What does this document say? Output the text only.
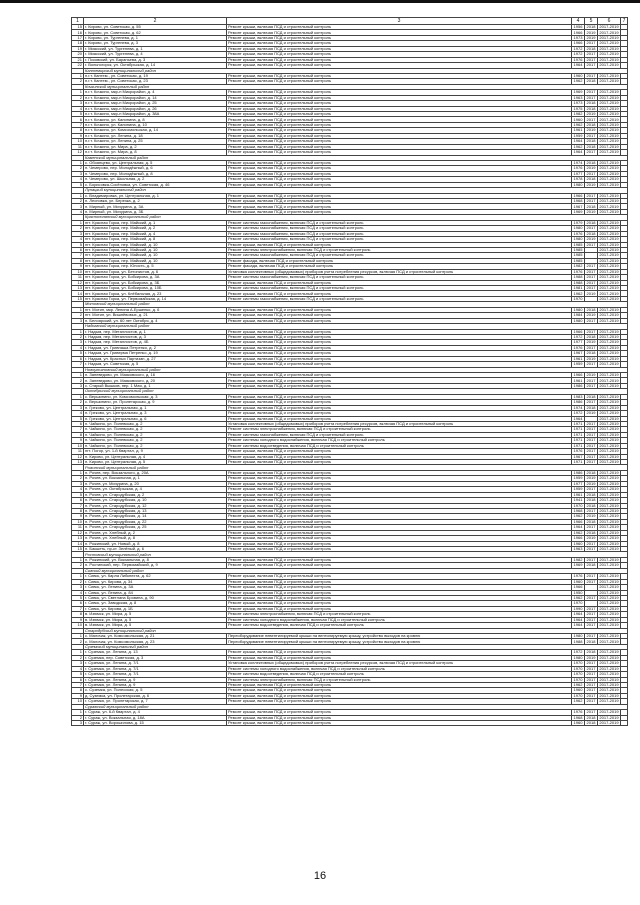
1	2	3	4	5	6	7
15	г. Кирово, ул. Советская, д. 55	Ремонт крыши, включая ПСД и строительный контроль	1956	2018	2017-2019	
16	г. Кирово, ул. Советская, д. 62	Ремонт крыши, включая ПСД и строительный контроль	1966	2019	2017-2019	
17	г. Кирово, ул. Тургенева, д. 1	Ремонт крыши, включая ПСД и строительный контроль	1973	2019	2017-2019	
18	г. Кирово, ул. Тургенева, д. 3	Ремонт крыши, включая ПСД и строительный контроль	1966	2017	2017-2019	
19	г. Миасский, ул. Тургенева, д. 1	Ремонт крыши, включая ПСД и строительный контроль	1972	2018	2017-2019	
20	г. Миасский, ул. Тургенева, д. 4	Ремонт крыши, включая ПСД и строительный контроль	1972	2017	2017-2019	
21	г. Псковский, ул. Бараньева, д. 3	Ремонт крыши, включая ПСД и строительный контроль	1976	2017	2017-2019	
22	г. Вольногорск, ул. Октябрьская, д. 14	Ремонт крыши, включая ПСД и строительный контроль	1964	2017	2017-2019	
	Кантемирский муниципальный район					
1	п.г.т. Кантем., ул. Советская, д. 19	Ремонт крыши, включая ПСД и строительный контроль	1960	2017	2017-2019	
2	п.г.т. Кантем., ул. Советская, д. 23	Ремонт крыши, включая ПСД и строительный контроль	1962	2018	2017-2019	
	Кочкинский муниципальный район					
1	п.г.т. Кочкино, мкр-н Микрорайон, д. 4	Ремонт крыши, включая ПСД и строительный контроль	1969	2017	2017-2019	
2	п.г.т. Кочкино, мкр-н Микрорайон, д. 14	Ремонт крыши, включая ПСД и строительный контроль	1963	2017	2017-2019	
3	п.г.т. Кочкино, мкр-н Микрорайон, д. 25	Ремонт крыши, включая ПСД и строительный контроль	1973	2018	2017-2019	
4	п.г.т. Кочкино, мкр-н Микрорайон, д. 26	Ремонт крыши, включая ПСД и строительный контроль	1975	2018	2017-2019	
5	п.г.т. Кочкино, мкр-н Микрорайон, д. 38А	Ремонт крыши, включая ПСД и строительный контроль	1982	2019	2017-2019	
6	п.г.т. Кочкино, ул. Калинина, д. 8	Ремонт крыши, включая ПСД и строительный контроль	1960	2017	2017-2019	
7	п.г.т. Кочкино, ул. Калинина, д. 10	Ремонт крыши, включая ПСД и строительный контроль	1962	2018	2017-2019	
8	п.г.т. Кочкино, ул. Комсомольская, д. 14	Ремонт крыши, включая ПСД и строительный контроль	1961	2019	2017-2019	
9	п.г.т. Кочкино, ул. Ленина, д. 18	Ремонт крыши, включая ПСД и строительный контроль	1959	2017	2017-2019	
10	п.г.т. Кочкино, ул. Ленина, д. 25	Ремонт крыши, включая ПСД и строительный контроль	1964	2018	2017-2019	
11	п.г.т. Кочкино, ул. Мира, д. 2	Ремонт крыши, включая ПСД и строительный контроль	1962	2018	2017-2019	
12	п.г.т. Кочкино, ул. Мира, д. 8	Ремонт крыши, включая ПСД и строительный контроль	1964	2017	2017-2019	
	Каменский муниципальный район					
1	с. Обоянцево, ул. Центральная, д. 5	Ремонт крыши, включая ПСД и строительный контроль	1974	2018	2017-2019	
2	п. Чемерово, пер. Молодёжный, д. 6	Ремонт крыши, включая ПСД и строительный контроль	1976	2019	2017-2019	
3	п. Чемерово, пер. Молодёжный, д. 8	Ремонт крыши, включая ПСД и строительный контроль	1977	2017	2017-2019	
4	п. Чемерово, ул. Школьная, д. 2	Ремонт крыши, включая ПСД и строительный контроль	1978	2018	2017-2019	
5	с. Борисовка-Сосёновка, ул. Советская, д. 46	Ремонт крыши, включая ПСД и строительный контроль	1980	2019	2017-2019	
	Лунацкий муниципальный район					
1	с. Владимировка, ул. Центральная, д. 1	Ремонт крыши, включая ПСД и строительный контроль	1966	2017	2017-2019	
2	п. Лесновка, ул. Березка, д. 2	Ремонт крыши, включая ПСД и строительный контроль	1968	2017	2017-2019	
3	п. Мирный, ул. Мичурина, д. 3А	Ремонт крыши, включая ПСД и строительный контроль	1967	2018	2017-2019	
4	п. Мирный, ул. Мичурина, д. 3Б	Ремонт крыши, включая ПСД и строительный контроль	1969	2019	2017-2019	
	Краснополянский муниципальный район					
1	пгт. Красная Горка, пер. Майский, д. 1	Ремонт системы газоснабжения, включая ПСД и строительный контроль	1979	2018	2017-2019	
2	пгт. Красная Горка, пер. Майский, д. 2	Ремонт системы газоснабжения, включая ПСД и строительный контроль	1980	2017	2017-2019	
3	пгт. Красная Горка, пер. Майский, д. 4	Ремонт системы газоснабжения, включая ПСД и строительный контроль	1976	2018	2017-2019	
4	пгт. Красная Горка, пер. Майский, д. 8	Ремонт системы газоснабжения, включая ПСД и строительный контроль	1980	2019	2017-2019	
5	пгт. Красная Горка, пер. Майский, д. 10	Ремонт крыши, включая ПСД и строительный контроль	1985	2017	2017-2019	
6	пгт. Красная Горка, пер. Майский, д. 10	Ремонт системы электроснабжения, включая ПСД и строительный контроль	1985		2017-2019	
7	пгт. Красная Горка, пер. Майский, д. 10	Ремонт системы газоснабжения, включая ПСД и строительный контроль	1985		2017-2019	
8	пгт. Красная Горка, пер. Майский, д. 10	Ремонт фасада, включая ПСД и строительный контроль	1985		2017-2019	
9	пгт. Красная Горка, пер. Юность, д. 5	Ремонт фасада, включая ПСД и строительный контроль	1982	2017	2017-2019	
10	пгт. Красная Горка, ул. Бетонистов, д. 6	Установка коллективных (общедомовых) приборов учета потребления ресурсов, включая ПСД и строительный контроль	1976	2017	2017-2019	
11	пгт. Красная Горка, ул. Бобкирова, д. 3А	Ремонт системы газоснабжения, включая ПСД и строительный контроль	1988	2017	2017-2019	
12	пгт. Красная Горка, ул. Бобкирова, д. 3Б	Ремонт крыши, включая ПСД и строительный контроль	1988	2017	2017-2019	
13	пгт. Красная Горка, ул. Бобкирова, д. 10Б	Ремонт системы газоснабжения, включая ПСД и строительный контроль	1981	2017	2017-2019	
14	пгт. Красная Горка, ул. Клёбальная, д. 23	Ремонт крыши, включая ПСД и строительный контроль	1962	2019	2017-2019	
15	пгт. Красная Горка, ул. Первомайская, д. 14	Ремонт системы газоснабжения, включая ПСД и строительный контроль	1970		2017-2019	
	Мотовский муниципальный район					
1	пгт. Мотин, мкр. Ленина А.Ершенко, д. 6	Ремонт крыши, включая ПСД и строительный контроль	1980	2018	2017-2019	
2	пгт. Мотин, ул. Вишнёвовых, д. 21	Ремонт крыши, включая ПСД и строительный контроль	1984	2019	2017-2019	
3	п. Белоярский, ул. 60 лет Октября, д. 4	Ремонт крыши, включая ПСД и строительный контроль	1980	2017	2017-2019	
	Надымский муниципальный район					
1	г. Надым, пер. Металлистов, д. 1	Ремонт крыши, включая ПСД и строительный контроль	1966	2017	2017-2019	
2	г. Надым, пер. Металлистов, д. 3	Ремонт крыши, включая ПСД и строительный контроль	1972	2018	2017-2019	
3	г. Надым, пер. Металлистов, д. 4Б	Ремонт крыши, включая ПСД и строительный контроль	1977	2019	2017-2019	
4	г. Надым, ул. Гривнаша Петренко, д. 2	Ремонт крыши, включая ПСД и строительный контроль	1976	2017	2017-2019	
5	г. Надым, ул. Гриверма Петренко, д. 19	Ремонт крыши, включая ПСД и строительный контроль	1967	2018	2017-2019	
6	г. Надым, ул. Красных Партизан, д. 27	Ремонт крыши, включая ПСД и строительный контроль	1961	2019	2017-2019	
7	г. Надым, ул. Советская, д. 5	Ремонт крыши, включая ПСД и строительный контроль	1959	2017	2017-2019	
	Новоульяновский муниципальный район					
1	п. Заневедово, ул. Маяковского, д. 16	Ремонт крыши, включая ПСД и строительный контроль	1966	2019	2017-2019	
2	п. Заневедово, ул. Маяковского, д. 20	Ремонт крыши, включая ПСД и строительный контроль	1961	2017	2017-2019	
3	с. Старый Вышков, пер. 1 Мая, д. 1	Ремонт крыши, включая ПСД и строительный контроль	1986	2017	2017-2019	
	Октябрьский муниципальный район					
1	с. Вершинино, ул. Комсомольская, д. 3	Ремонт крыши, включая ПСД и строительный контроль	1983	2018	2017-2019	
2	с. Вершинино, ул. Пролетарская, д. 9	Ремонт крыши, включая ПСД и строительный контроль	1986	2017	2017-2019	
3	п. Греково, ул. Центральная, д. 1	Ремонт крыши, включая ПСД и строительный контроль	1974	2018	2017-2019	
4	п. Греково, ул. Центральная, д. 3	Ремонт крыши, включая ПСД и строительный контроль	1972	2019	2017-2019	
5	п. Греково, ул. Центральная, д. 6	Ремонт крыши, включая ПСД и строительный контроль	1964		2017-2019	
6	п. Чайкино, ул. Полевская, д. 2	Установка коллективных (общедомовых) приборов учета потребления ресурсов, включая ПСД и строительный контроль	1971	2017	2017-2019	
7	п. Чайкино, ул. Полевская, д. 2	Ремонт системы электроснабжения, включая ПСД и строительный контроль	1971	2017	2017-2019	
8	п. Чайкино, ул. Полевская, д. 2	Ремонт системы газоснабжения, включая ПСД и строительный контроль	1971	2017	2017-2019	
9	п. Чайкино, ул. Полевская, д. 2	Ремонт системы холодного водоснабжения, включая ПСД и строительный контроль	1971	2017	2017-2019	
10	п. Чайкино, ул. Полевская, д. 2	Ремонт системы водоотведения, включая ПСД и строительный контроль	1971	2017	2017-2019	
11	пгт. Погор, ул. 1-й Квартал, д. 9	Ремонт крыши, включая ПСД и строительный контроль	1976	2017	2017-2019	
12	п. Кирово, ул. Центральная, д. 4	Ремонт крыши, включая ПСД и строительный контроль	1967	2017	2017-2019	
13	п. Кирово, ул. Центральная, д. 5	Ремонт крыши, включая ПСД и строительный контроль	1971	2017	2017-2019	
	Рожинский муниципальный район					
1	п. Рочев, пер. Вокзального, д. 20А	Ремонт крыши, включая ПСД и строительный контроль	1986	2018	2017-2019	
2	п. Рочев, ул. Вокзальная, д. 1	Ремонт крыши, включая ПСД и строительный контроль	1959	2019	2017-2019	
3	п. Рочев, ул. Мичурина, д. 20	Ремонт крыши, включая ПСД и строительный контроль	1977	2019	2017-2019	
4	п. Рочев, ул. Октябрьская, д. 4	Ремонт крыши, включая ПСД и строительный контроль	1959	2017	2017-2019	
5	п. Рочев, ул. Стародубская, д. 2	Ремонт крыши, включая ПСД и строительный контроль	1961	2018	2017-2019	
6	п. Рочев, ул. Стародубская, д. 10	Ремонт крыши, включая ПСД и строительный контроль	1941	2018	2017-2019	
7	п. Рочев, ул. Стародубская, д. 12	Ремонт крыши, включая ПСД и строительный контроль	1970	2018	2017-2019	
8	п. Рочев, ул. Стародубская, д. 13	Ремонт крыши, включая ПСД и строительный контроль	1968	2017	2017-2019	
9	п. Рочев, ул. Стародубская, д. 14	Ремонт крыши, включая ПСД и строительный контроль	1962	2019	2017-2019	
10	п. Рочев, ул. Стародубская, д. 22	Ремонт крыши, включая ПСД и строительный контроль	1966	2018	2017-2019	
11	п. Рочев, ул. Стародубская, д. 25	Ремонт крыши, включая ПСД и строительный контроль	1964	2017	2017-2019	
12	п. Рочев, ул. Хлебный, д. 2	Ремонт крыши, включая ПСД и строительный контроль	1962	2018	2017-2019	
13	п. Рочев, ул. Хлебный, д. 8	Ремонт крыши, включая ПСД и строительный контроль	1966	2019	2017-2019	
14	п. Рожинский, ул. Новый, д. 8	Ремонт крыши, включая ПСД и строительный контроль	1960	2017	2017-2019	
15	п. Бакшеть, пр-кт. Зелёный, д. 6	Ремонт крыши, включая ПСД и строительный контроль	1963	2017	2017-2019	
	Ростовский муниципальный район					
1	п. Рожинский, ул. Вокзальная, д. 8	Ремонт крыши, включая ПСД и строительный контроль	1982	2017	2017-2019	
2	п. Ростинский, пер. Первомайский, д. 9	Ремонт крыши, включая ПСД и строительный контроль	1969	2018	2017-2019	
	Сивский муниципальный район					
1	г. Сивск, ул. Карла Либкнехта, д. 62	Ремонт крыши, включая ПСД и строительный контроль	1976	2017	2017-2019	
2	г. Сивск, ул. Кирова, д. 34	Ремонт крыши, включая ПСД и строительный контроль	1960	2017	2017-2019	
3	г. Сивск, ул. Ленина, д. 3А	Ремонт крыши, включая ПСД и строительный контроль	1966		2017-2019	
4	г. Сивск, ул. Ленина, д. 84	Ремонт крыши, включая ПСД и строительный контроль	1950		2017-2019	
5	г. Сивск, ул. Светлана Бровина, д. 90	Ремонт крыши, включая ПСД и строительный контроль	1962	2017	2017-2019	
6	г. Сивск, ул. Заводская, д. 8	Ремонт крыши, включая ПСД и строительный контроль	1970		2017-2019	
7	г. Сивск, ул. Кирова, д. 1Б	Ремонт крыши, включая ПСД и строительный контроль	1990	2017	2017-2019	
8	в. Изюмск, ул. Мира, д. 5	Ремонт системы электроснабжения, включая ПСД и строительный контроль	1964	2017	2017-2019	
9	в. Изюмск, ул. Мира, д. 5	Ремонт системы холодного водоснабжения, включая ПСД и строительный контроль	1964	2017	2017-2019	
10	в. Изюмск, ул. Мира, д. 5	Ремонт системы водоотведения, включая ПСД и строительный контроль	1964	2017	2017-2019	
	Стародубский муниципальный район					
1	с. Малочак, ул. Комсомольская, д. 21	Переоборудование невентилируемой крыши на вентилируемую крышу, устройство выходов на кровлю	1980	2017	2017-2019	
2	с. Малочак, ул. Комсомольская, д. 23	Переоборудование невентилируемой крыши на вентилируемую крышу, устройство выходов на кровлю	1988	2018	2017-2019	
	Суземский муниципальный район					
1	г. Суземка, ул. Ленина, д. 13	Ремонт крыши, включая ПСД и строительный контроль	1972	2018	2017-2019	
2	г. Суземка, пер. Советская, д. 3	Ремонт крыши, включая ПСД и строительный контроль	1980	2019	2017-2019	
3	г. Суземка, ул. Ленина, д. 7/1	Установка коллективных (общедомовых) приборов учета потребления ресурсов, включая ПСД и строительный контроль	1970	2017	2017-2019	
4	г. Суземка, ул. Ленина, д. 7/1	Ремонт системы холодного водоснабжения, включая ПСД и строительный контроль	1970	2017	2017-2019	
5	г. Суземка, ул. Ленина, д. 7/1	Ремонт системы водоотведения, включая ПСД и строительный контроль	1970	2017	2017-2019	
6	г. Суземка, ул. Ленина, д. 9	Ремонт системы электроснабжения, включая ПСД и строительный контроль	1970	2017	2017-2019	
7	г. Суземка, ул. Ленина, д. 9	Ремонт крыши, включая ПСД и строительный контроль	1962	2017	2017-2019	
8	с. Суземка, ул. Полесская, д. 5	Ремонт крыши, включая ПСД и строительный контроль	1960	2017	2017-2019	
9	д. Суземка, ул. Пролетарская, д. 6	Ремонт крыши, включая ПСД и строительный контроль	1970	2017	2017-2019	
10	г. Суземка, ул. Пролетарская, д. 7	Ремонт крыши, включая ПСД и строительный контроль	1962	2017	2017-2019	
	Суражский муниципальный район					
1	г. Сураж, ул. 6-й Квартал, д. 4	Ремонт крыши, включая ПСД и строительный контроль	1976	2017	2017-2019	
2	г. Сураж, ул. Вокзальная, д. 18А	Ремонт крыши, включая ПСД и строительный контроль	1968	2018	2017-2019	
3	г. Сураж, ул. Ворошилова, д. 15	Ремонт крыши, включая ПСД и строительный контроль	1960	2018	2017-2019	
16
